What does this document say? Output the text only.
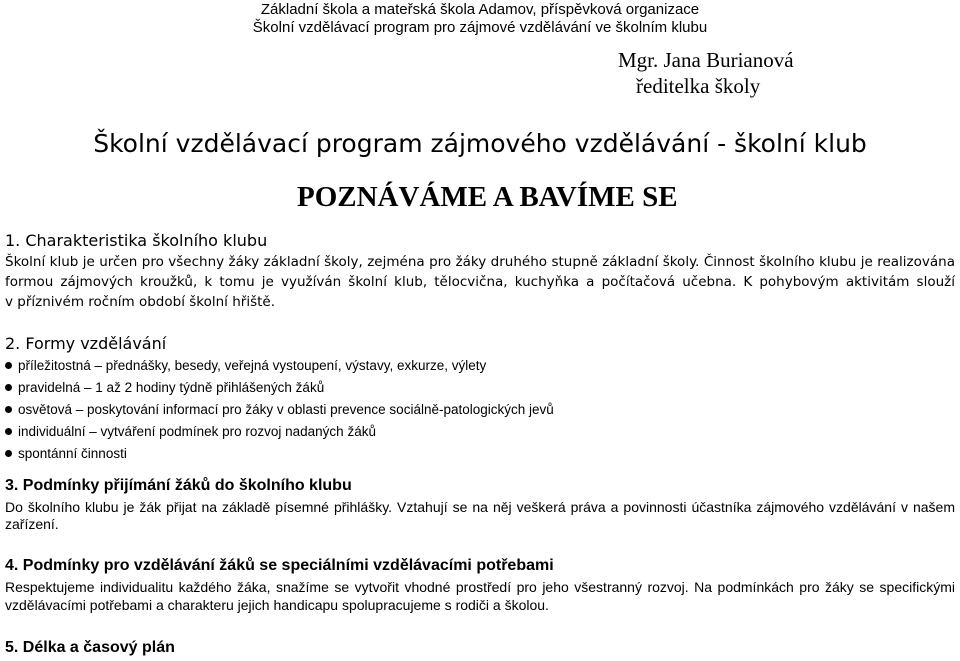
Základní škola a mateřská škola Adamov, příspěvková organizace
Školní vzdělávací program pro zájmové vzdělávání ve školním klubu
Mgr. Jana Burianová
ředitelka školy
Školní vzdělávací program zájmového vzdělávání - školní klub
POZNÁVÁME A BAVÍME SE
1. Charakteristika školního klubu
Školní klub je určen pro všechny žáky základní školy, zejména pro žáky druhého stupně základní školy. Činnost školního klubu je realizována
formou zájmových kroužků, k tomu je využíván školní klub, tělocvična, kuchyňka a počítačová učebna. K pohybovým aktivitám slouží
v příznivém ročním období školní hřiště.
2. Formy vzdělávání
příležitostná – přednášky, besedy, veřejná vystoupení, výstavy, exkurze, výlety
pravidelná – 1 až 2 hodiny týdně přihlášených žáků
osvětová – poskytování informací pro žáky v oblasti prevence sociálně-patologických jevů
individuální – vytváření podmínek pro rozvoj nadaných žáků
spontánní činnosti
3. Podmínky přijímání žáků do školního klubu
Do školního klubu je žák přijat na základě písemné přihlášky. Vztahují se na něj veškerá práva a povinnosti účastníka zájmového vzdělávání v našem
zařízení.
4. Podmínky pro vzdělávání žáků se speciálními vzdělávacími potřebami
Respektujeme individualitu každého žáka, snažíme se vytvořit vhodné prostředí pro jeho všestranný rozvoj. Na podmínkách pro žáky se specifickými
vzdělávacími potřebami a charakteru jejich handicapu spolupracujeme s rodiči a školou.
5. Délka a časový plán
